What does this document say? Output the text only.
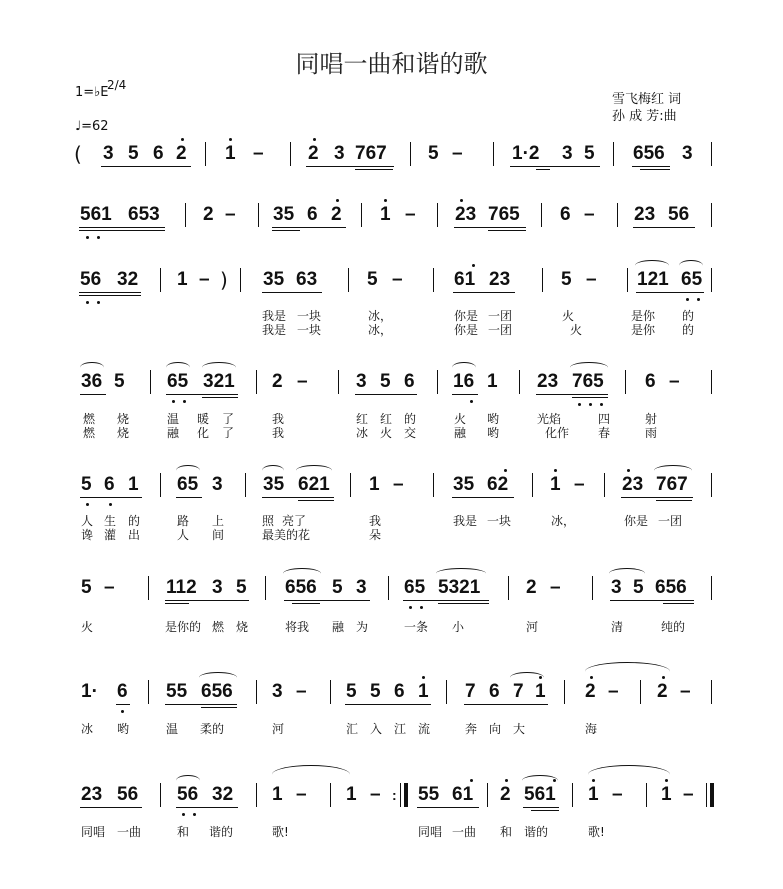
同唱一曲和谐的歌
1=♭E
2/4
♩=62
雪飞梅红 词
孙 成 芳:曲
( 3 5 6 2 1 – 2 3 767 5 –	1·2 3 5 656 3
561 653 2 – 35 6 2 1 – 23 765 6 – 23 56
56 32 1 – ) 35 63	5 –	61 23	5 – 121 65
我是 一块	冰，	你是 一团	火	是你 的
我是 一块	冰，	你是 一团	火	是你 的
36 5 65 321 2 –	3 5 6 16 1 23 765 6 –
燃 烧	温 暖 了	我	红 红 的	火 哟	光焰	四	射
燃 烧	融 化 了	我	冰 火 交	融 哟	化作 春	雨
5 6 1 65 3 35 621 1 –	35 62 1 – 23 767
人 生 的	路 上	照 亮了	我	我是 一块	冰，	你是 一团
谗 灌 出	人 间	最美的花	朵
5 –	112 3 5 656 5 3 65 5321 2 –	3 5 656
火	是你的 燃 烧	将我 融 为	一条 小	河	清	纯的
1· 6 55 656 3 – 5 5 6 1 7 6 7 1 2 – 2 –
冰 哟	温 柔的	河	汇 入 江 流	奔 向 大	海
23 56 56 32 1 – 1 – : 55 61 2 561 1 – 1 –
同唱 一曲	和 谐的	歌!	同唱 一曲 和 谐的	歌!
